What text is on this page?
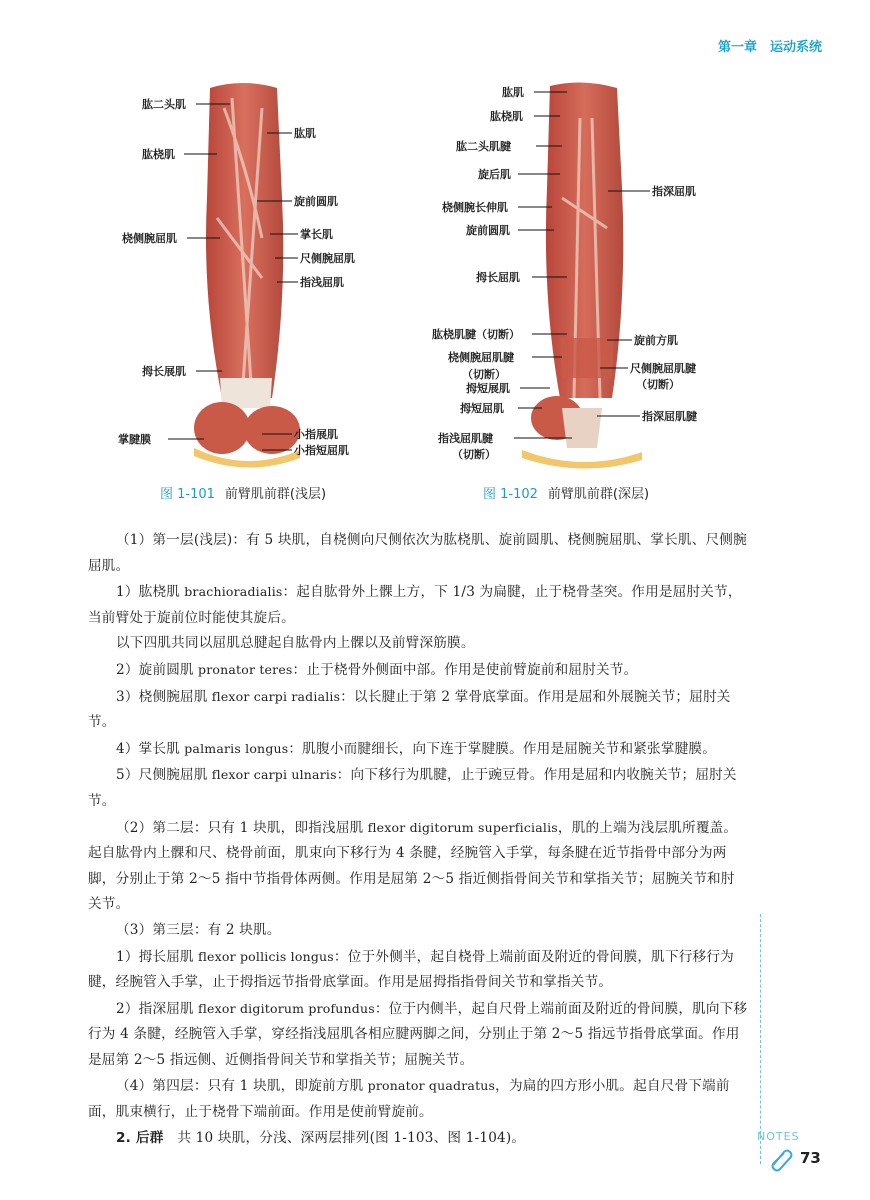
第一章　运动系统
肱二头肌
肱肌
肱桡肌
旋前圆肌
桡侧腕屈肌	掌长肌
尺侧腕屈肌
指浅屈肌
拇长展肌
掌腱膜	小指展肌
小指短屈肌
图 1-101 前臂肌前群(浅层)
肱肌
肱桡肌
肱二头肌腱
旋后肌
指深屈肌
桡侧腕长伸肌
旋前圆肌
拇长屈肌
肱桡肌腱（切断）	旋前方肌
桡侧腕屈肌腱
（切断）	尺侧腕屈肌腱
（切断）
拇短展肌
拇短屈肌
指深屈肌腱
指浅屈肌腱
（切断）
图 1-102 前臂肌前群(深层)

（1）第一层(浅层)：有 5 块肌，自桡侧向尺侧依次为肱桡肌、旋前圆肌、桡侧腕屈肌、掌长肌、尺侧腕屈肌。

1）肱桡肌 brachioradialis：起自肱骨外上髁上方，下 1/3 为扁腱，止于桡骨茎突。作用是屈肘关节，当前臂处于旋前位时能使其旋后。

以下四肌共同以屈肌总腱起自肱骨内上髁以及前臂深筋膜。

2）旋前圆肌 pronator teres：止于桡骨外侧面中部。作用是使前臂旋前和屈肘关节。

3）桡侧腕屈肌 flexor carpi radialis：以长腱止于第 2 掌骨底掌面。作用是屈和外展腕关节；屈肘关节。

4）掌长肌 palmaris longus：肌腹小而腱细长，向下连于掌腱膜。作用是屈腕关节和紧张掌腱膜。

5）尺侧腕屈肌 flexor carpi ulnaris：向下移行为肌腱，止于豌豆骨。作用是屈和内收腕关节；屈肘关节。

（2）第二层：只有 1 块肌，即指浅屈肌 flexor digitorum superficialis，肌的上端为浅层肌所覆盖。起自肱骨内上髁和尺、桡骨前面，肌束向下移行为 4 条腱，经腕管入手掌，每条腱在近节指骨中部分为两脚，分别止于第 2～5 指中节指骨体两侧。作用是屈第 2～5 指近侧指骨间关节和掌指关节；屈腕关节和肘关节。

（3）第三层：有 2 块肌。

1）拇长屈肌 flexor pollicis longus：位于外侧半，起自桡骨上端前面及附近的骨间膜，肌下行移行为腱，经腕管入手掌，止于拇指远节指骨底掌面。作用是屈拇指指骨间关节和掌指关节。

2）指深屈肌 flexor digitorum profundus：位于内侧半，起自尺骨上端前面及附近的骨间膜，肌向下移行为 4 条腱，经腕管入手掌，穿经指浅屈肌各相应腱两脚之间，分别止于第 2～5 指远节指骨底掌面。作用是屈第 2～5 指远侧、近侧指骨间关节和掌指关节；屈腕关节。

（4）第四层：只有 1 块肌，即旋前方肌 pronator quadratus，为扁的四方形小肌。起自尺骨下端前面，肌束横行，止于桡骨下端前面。作用是使前臂旋前。

2. 后群　共 10 块肌，分浅、深两层排列(图 1-103、图 1-104)。	NOTES
73
